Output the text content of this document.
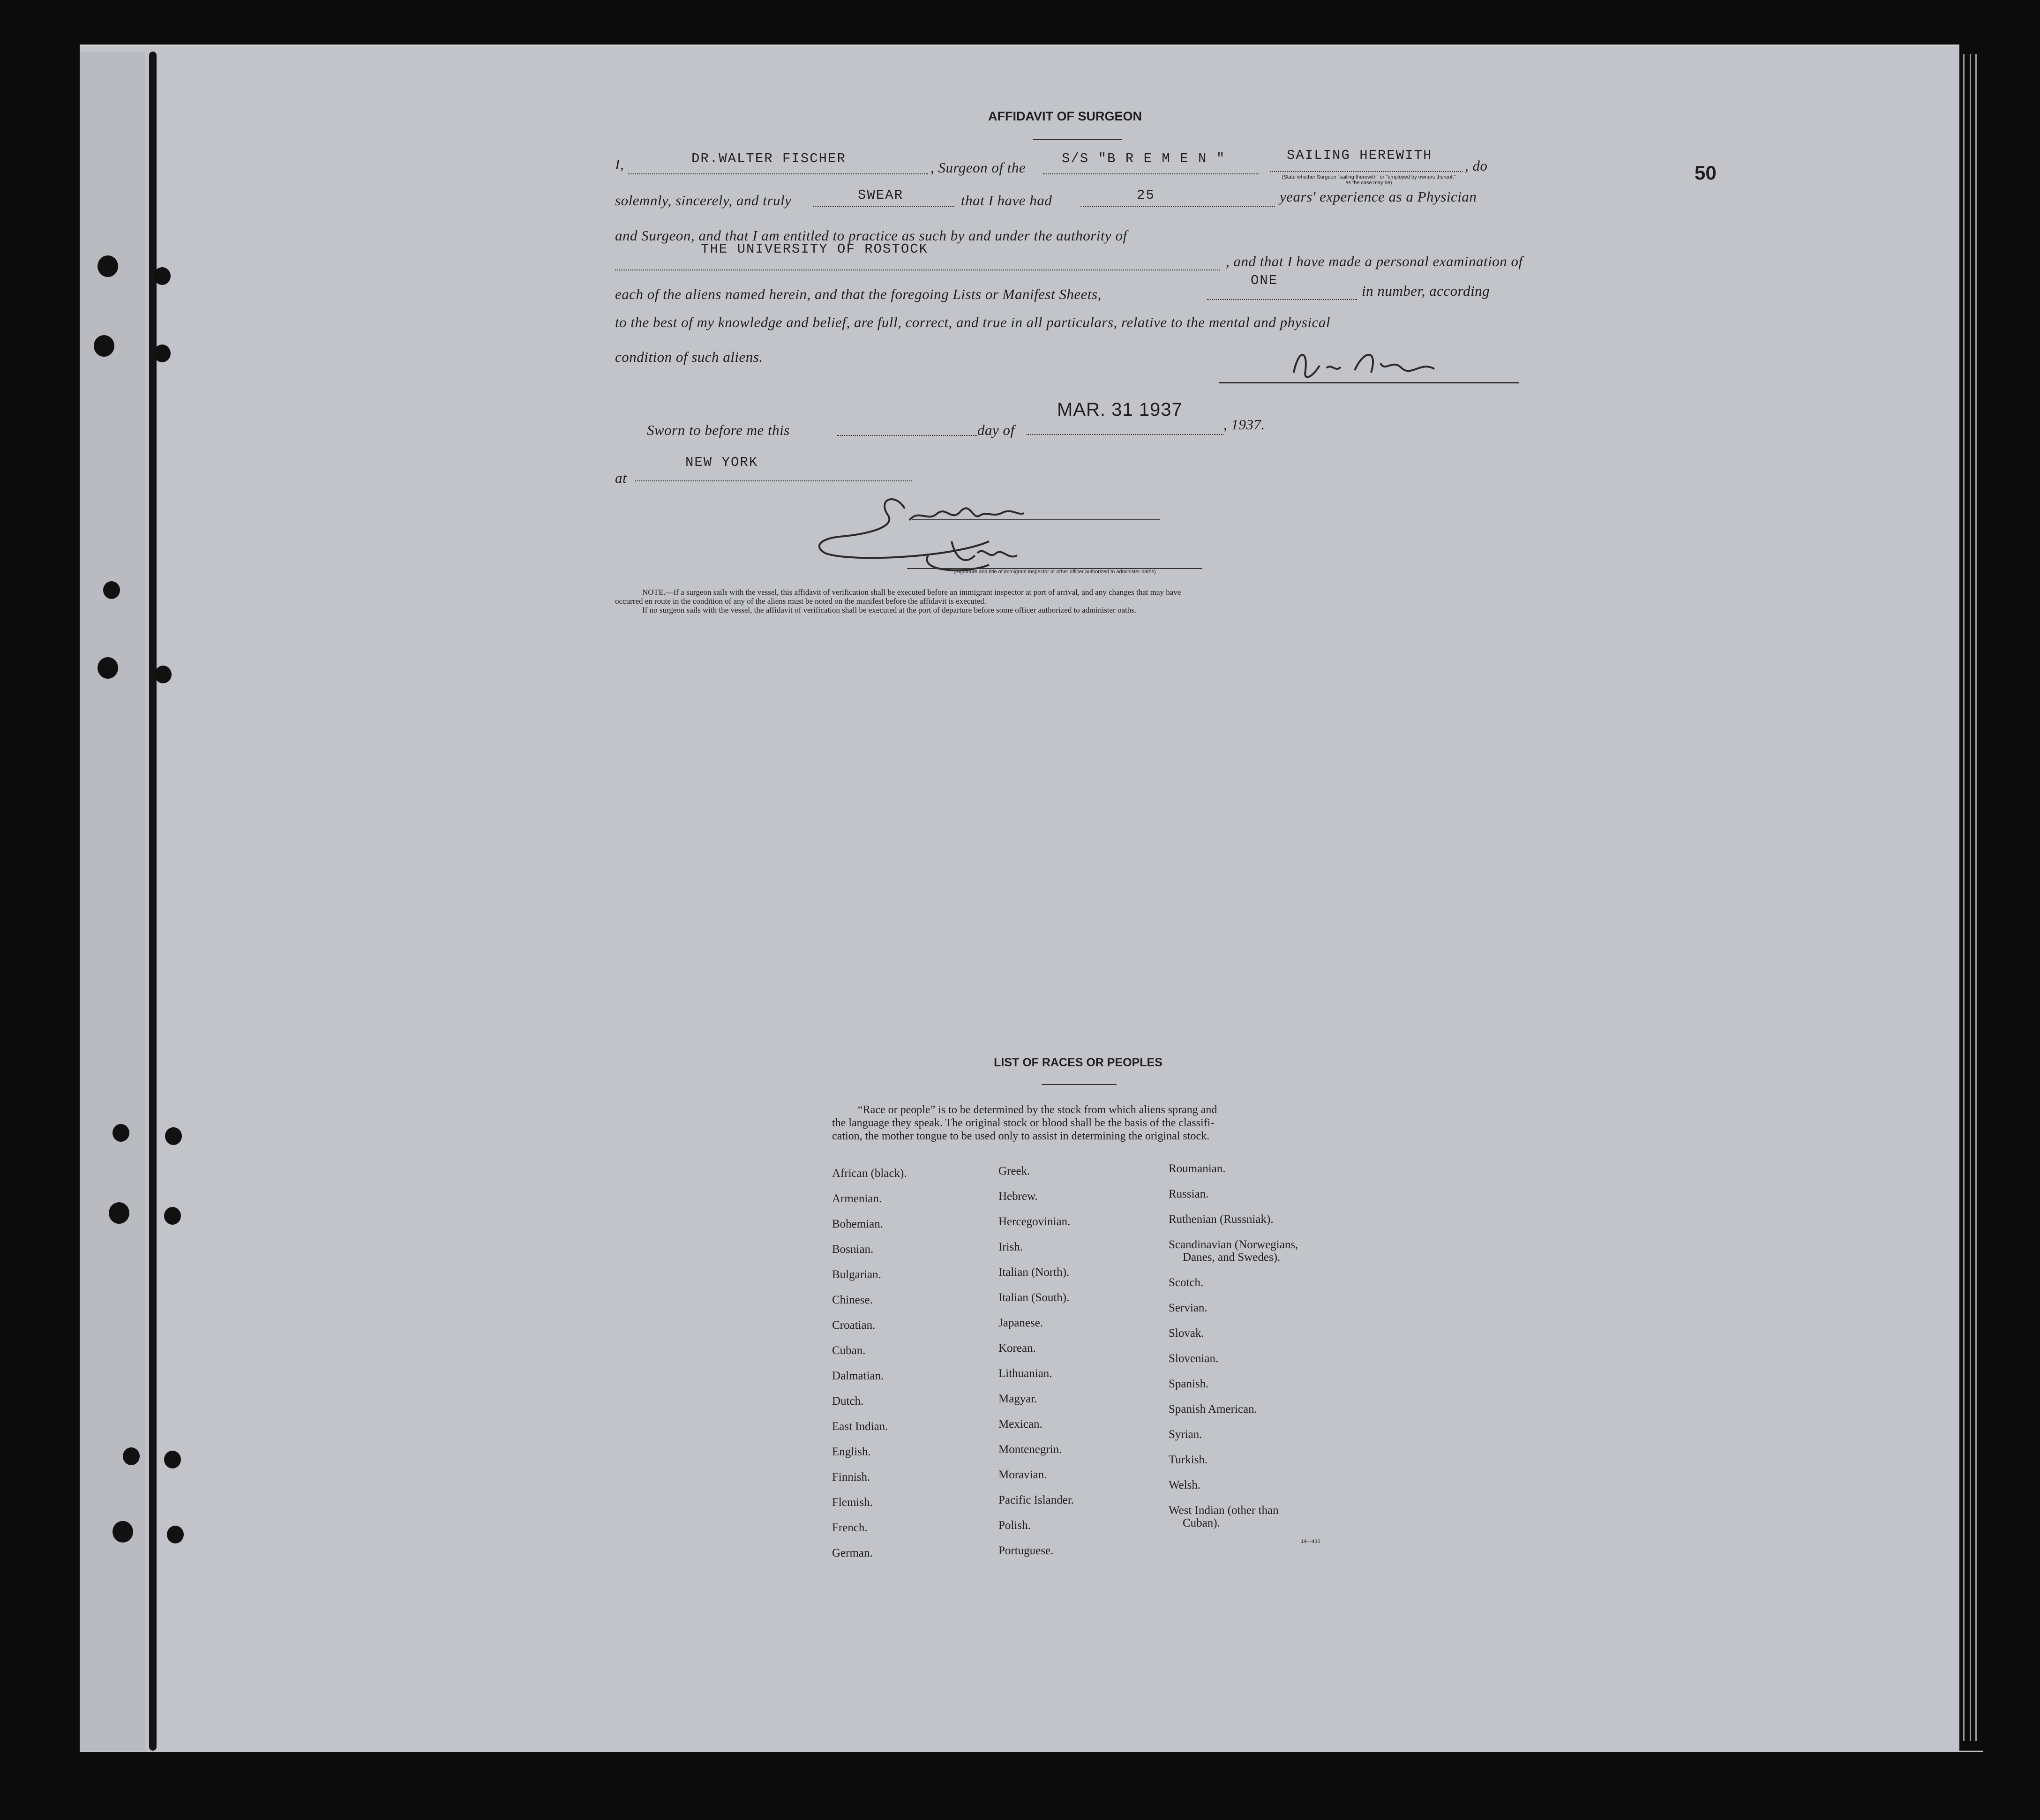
50
AFFIDAVIT OF SURGEON
I,	DR.WALTER FISCHER
, Surgeon of the
S/S "B R E M E N "	SAILING HEREWITH
(State whether Surgeon "sailing therewith" or "employed by owners thereof," as the case may be)
, do
solemnly, sincerely, and truly	SWEAR	that I have had	25	years' experience as a Physician
and Surgeon, and that I am entitled to practice as such by and under the authority of
THE UNIVERSITY OF ROSTOCK
, and that I have made a personal examination of
each of the aliens named herein, and that the foregoing Lists or Manifest Sheets,
ONE
in number, according
to the best of my knowledge and belief, are full, correct, and true in all particulars, relative to the mental and physical
condition of such aliens.
Sworn to before me this	day of
MAR. 31 1937
, 1937.
at
NEW YORK
(Signature and title of immigrant inspector or other officer authorized to administer oaths)
NOTE.—If a surgeon sails with the vessel, this affidavit of verification shall be executed before an immigrant inspector at port of arrival, and any changes that may have
occurred en route in the condition of any of the aliens must be noted on the manifest before the affidavit is executed.
If no surgeon sails with the vessel, the affidavit of verification shall be executed at the port of departure before some officer authorized to administer oaths.
LIST OF RACES OR PEOPLES
“Race or people” is to be determined by the stock from which aliens sprang and
the language they speak. The original stock or blood shall be the basis of the classifi-
cation, the mother tongue to be used only to assist in determining the original stock.
African (black).
Armenian.
Bohemian.
Bosnian.
Bulgarian.
Chinese.
Croatian.
Cuban.
Dalmatian.
Dutch.
East Indian.
English.
Finnish.
Flemish.
French.
German.
Greek.
Hebrew.
Hercegovinian.
Irish.
Italian (North).
Italian (South).
Japanese.
Korean.
Lithuanian.
Magyar.
Mexican.
Montenegrin.
Moravian.
Pacific Islander.
Polish.
Portuguese.
Roumanian.
Russian.
Ruthenian (Russniak).
Scandinavian (Norwegians,
Danes, and Swedes).
Scotch.
Servian.
Slovak.
Slovenian.
Spanish.
Spanish American.
Syrian.
Turkish.
Welsh.
West Indian (other than
Cuban).
14—430
